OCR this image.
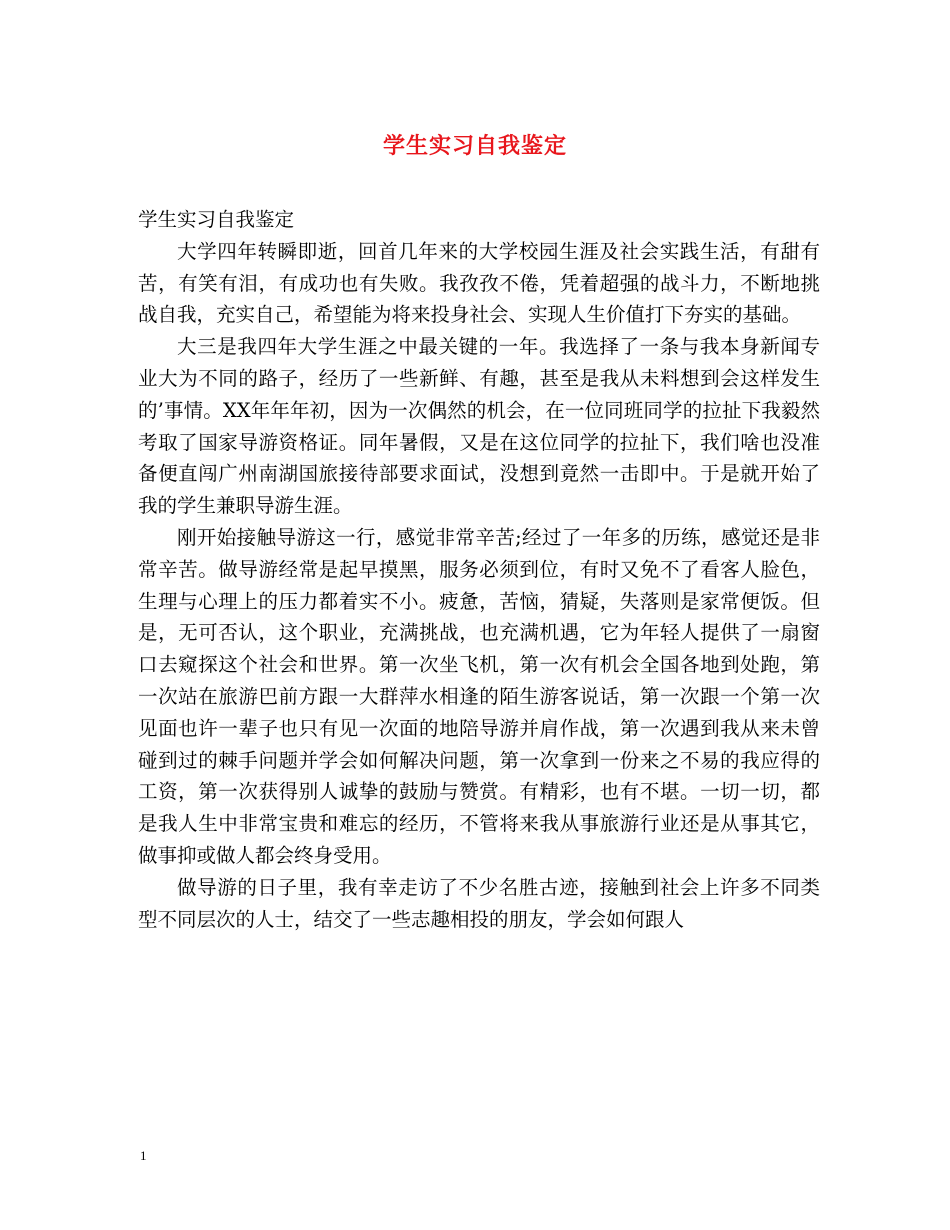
学生实习自我鉴定

学生实习自我鉴定

大学四年转瞬即逝，回首几年来的大学校园生涯及社会实践生活，有甜有苦，有笑有泪，有成功也有失败。我孜孜不倦，凭着超强的战斗力，不断地挑战自我，充实自己，希望能为将来投身社会、实现人生价值打下夯实的基础。

大三是我四年大学生涯之中最关键的一年。我选择了一条与我本身新闻专业大为不同的路子，经历了一些新鲜、有趣，甚至是我从未料想到会这样发生的’事情。XX年年年初，因为一次偶然的机会，在一位同班同学的拉扯下我毅然考取了国家导游资格证。同年暑假，又是在这位同学的拉扯下，我们啥也没准备便直闯广州南湖国旅接待部要求面试，没想到竟然一击即中。于是就开始了我的学生兼职导游生涯。

刚开始接触导游这一行，感觉非常辛苦;经过了一年多的历练，感觉还是非常辛苦。做导游经常是起早摸黑，服务必须到位，有时又免不了看客人脸色，生理与心理上的压力都着实不小。疲惫，苦恼，猜疑，失落则是家常便饭。但是，无可否认，这个职业，充满挑战，也充满机遇，它为年轻人提供了一扇窗口去窥探这个社会和世界。第一次坐飞机，第一次有机会全国各地到处跑，第一次站在旅游巴前方跟一大群萍水相逢的陌生游客说话，第一次跟一个第一次见面也许一辈子也只有见一次面的地陪导游并肩作战，第一次遇到我从来未曾碰到过的棘手问题并学会如何解决问题，第一次拿到一份来之不易的我应得的工资，第一次获得别人诚挚的鼓励与赞赏。有精彩，也有不堪。一切一切，都是我人生中非常宝贵和难忘的经历，不管将来我从事旅游行业还是从事其它，做事抑或做人都会终身受用。

做导游的日子里，我有幸走访了不少名胜古迹，接触到社会上许多不同类型不同层次的人士，结交了一些志趣相投的朋友，学会如何跟人

1
